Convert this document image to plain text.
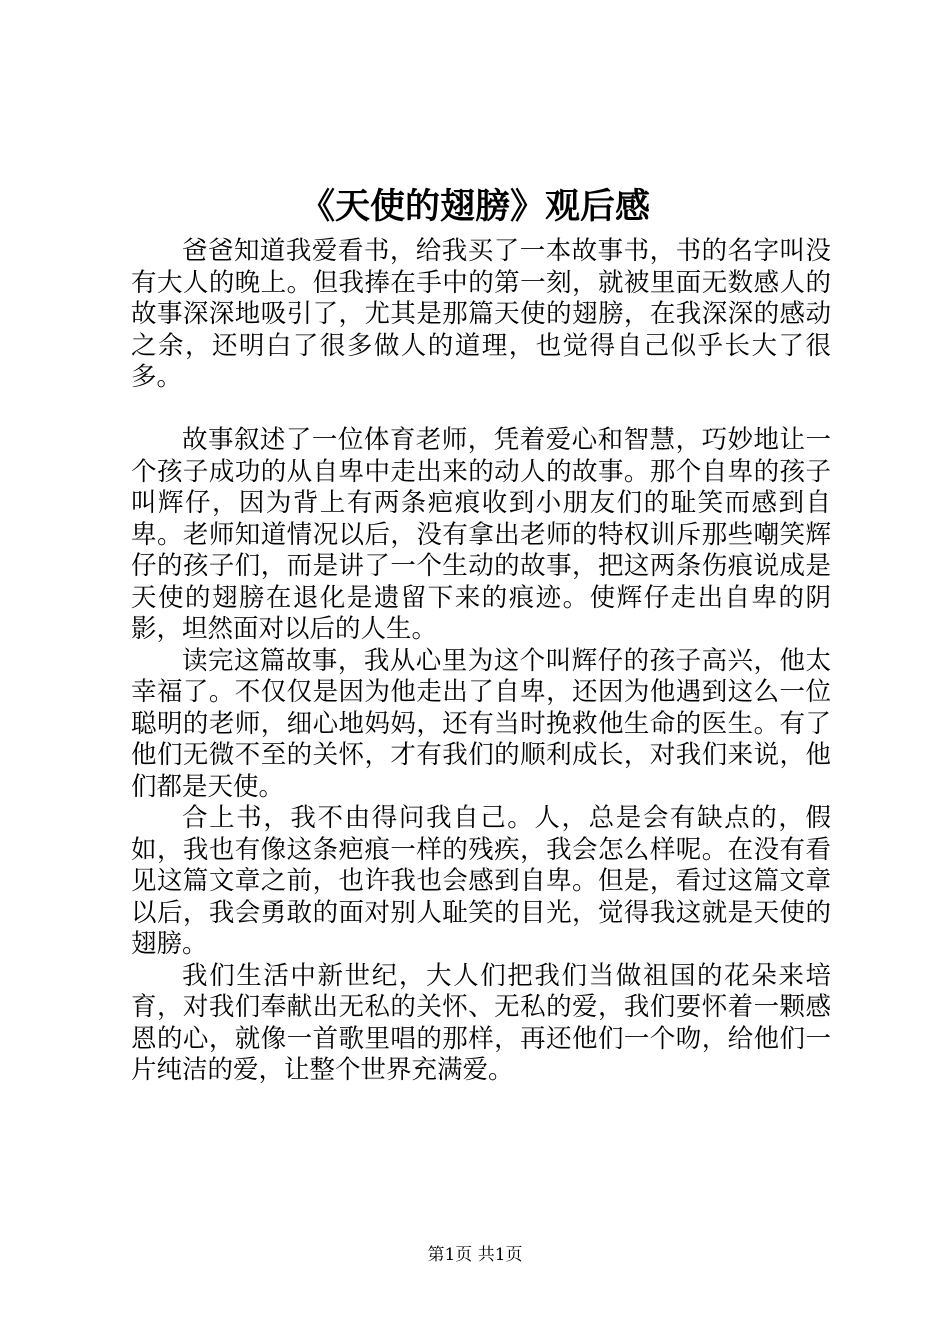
《天使的翅膀》观后感

爸爸知道我爱看书，给我买了一本故事书，书的名字叫没有大人的晚上。但我捧在手中的第一刻，就被里面无数感人的故事深深地吸引了，尤其是那篇天使的翅膀，在我深深的感动之余，还明白了很多做人的道理，也觉得自己似乎长大了很多。

故事叙述了一位体育老师，凭着爱心和智慧，巧妙地让一个孩子成功的从自卑中走出来的动人的故事。那个自卑的孩子叫辉仔，因为背上有两条疤痕收到小朋友们的耻笑而感到自卑。老师知道情况以后，没有拿出老师的特权训斥那些嘲笑辉仔的孩子们，而是讲了一个生动的故事，把这两条伤痕说成是天使的翅膀在退化是遗留下来的痕迹。使辉仔走出自卑的阴影，坦然面对以后的人生。

读完这篇故事，我从心里为这个叫辉仔的孩子高兴，他太幸福了。不仅仅是因为他走出了自卑，还因为他遇到这么一位聪明的老师，细心地妈妈，还有当时挽救他生命的医生。有了他们无微不至的关怀，才有我们的顺利成长，对我们来说，他们都是天使。

合上书，我不由得问我自己。人，总是会有缺点的，假如，我也有像这条疤痕一样的残疾，我会怎么样呢。在没有看见这篇文章之前，也许我也会感到自卑。但是，看过这篇文章以后，我会勇敢的面对别人耻笑的目光，觉得我这就是天使的翅膀。

我们生活中新世纪，大人们把我们当做祖国的花朵来培育，对我们奉献出无私的关怀、无私的爱，我们要怀着一颗感恩的心，就像一首歌里唱的那样，再还他们一个吻，给他们一片纯洁的爱，让整个世界充满爱。

第1页 共1页
